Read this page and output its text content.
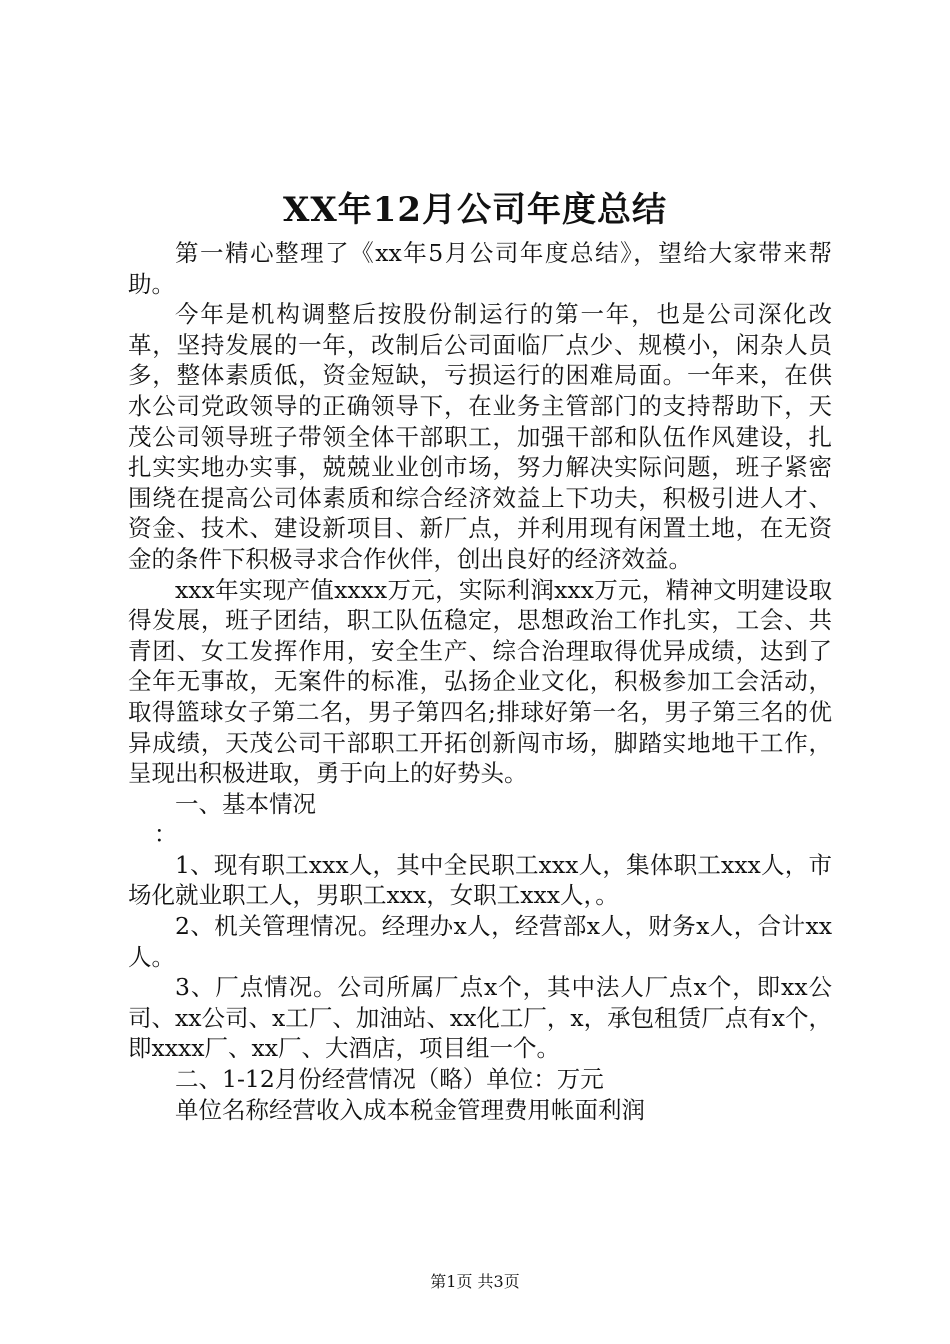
XX年12月公司年度总结

第一精心整理了《xx年5月公司年度总结》，望给大家带来帮助。

今年是机构调整后按股份制运行的第一年，也是公司深化改革，坚持发展的一年，改制后公司面临厂点少、规模小，闲杂人员多，整体素质低，资金短缺，亏损运行的困难局面。一年来，在供水公司党政领导的正确领导下，在业务主管部门的支持帮助下，天茂公司领导班子带领全体干部职工，加强干部和队伍作风建设，扎扎实实地办实事，兢兢业业创市场，努力解决实际问题，班子紧密围绕在提高公司体素质和综合经济效益上下功夫，积极引进人才、资金、技术、建设新项目、新厂点，并利用现有闲置土地，在无资金的条件下积极寻求合作伙伴，创出良好的经济效益。

xxx年实现产值xxxx万元，实际利润xxx万元，精神文明建设取得发展，班子团结，职工队伍稳定，思想政治工作扎实，工会、共青团、女工发挥作用，安全生产、综合治理取得优异成绩，达到了全年无事故，无案件的标准，弘扬企业文化，积极参加工会活动，取得篮球女子第二名，男子第四名;排球好第一名，男子第三名的优异成绩，天茂公司干部职工开拓创新闯市场，脚踏实地地干工作，呈现出积极进取，勇于向上的好势头。

一、基本情况

：

1、现有职工xxx人，其中全民职工xxx人，集体职工xxx人，市场化就业职工人，男职工xxx，女职工xxx人，。

2、机关管理情况。经理办x人，经营部x人，财务x人，合计xx人。

3、厂点情况。公司所属厂点x个，其中法人厂点x个，即xx公司、xx公司、x工厂、加油站、xx化工厂，x，承包租赁厂点有x个，即xxxx厂、xx厂、大酒店，项目组一个。

二、1-12月份经营情况（略）单位：万元

单位名称经营收入成本税金管理费用帐面利润

第1页 共3页
